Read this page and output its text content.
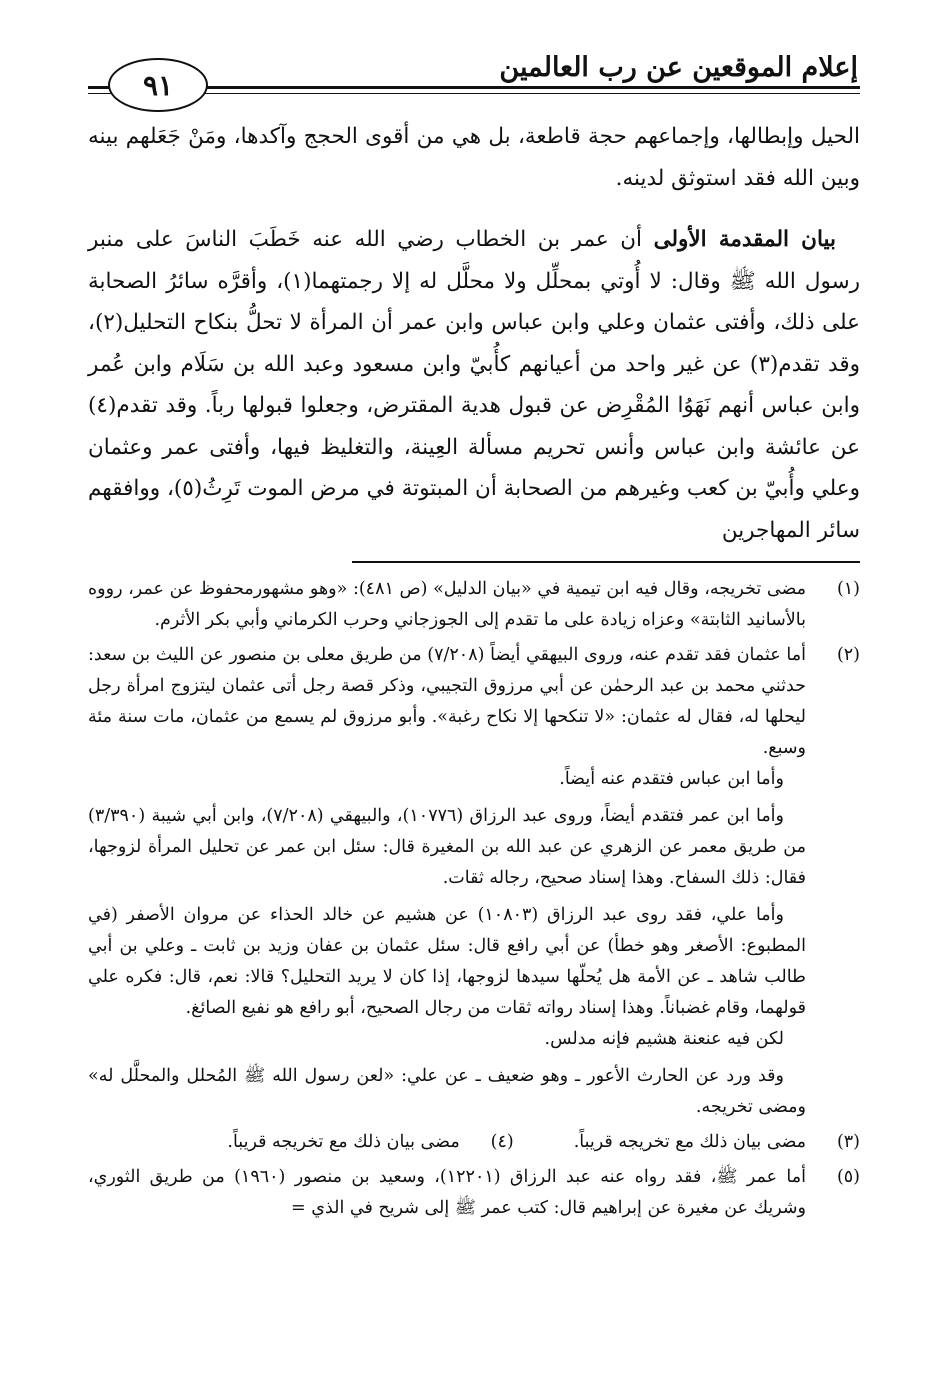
إعلام الموقعين عن رب العالمين
٩١

الحيل وإبطالها، وإجماعهم حجة قاطعة، بل هي من أقوى الحجج وآكدها، ومَنْ جَعَلهم بينه وبين الله فقد استوثق لدينه.

بيان المقدمة الأولى أن عمر بن الخطاب رضي الله عنه خَطَبَ الناسَ على منبر رسول الله ﷺ وقال: لا أُوتي بمحلِّل ولا محلَّل له إلا رجمتهما(١)، وأقرَّه سائرُ الصحابة على ذلك، وأفتى عثمان وعلي وابن عباس وابن عمر أن المرأة لا تحلُّ بنكاح التحليل(٢)، وقد تقدم(٣) عن غير واحد من أعيانهم كأُبيّ وابن مسعود وعبد الله بن سَلَام وابن عُمر وابن عباس أنهم نَهَوُا المُقْرِض عن قبول هدية المقترض، وجعلوا قبولها رباً. وقد تقدم(٤) عن عائشة وابن عباس وأنس تحريم مسألة العِينة، والتغليظ فيها، وأفتى عمر وعثمان وعلي وأُبيّ بن كعب وغيرهم من الصحابة أن المبتوتة في مرض الموت تَرِثُ(٥)، ووافقهم سائر المهاجرين

(١)

مضى تخريجه، وقال فيه ابن تيمية في «بيان الدليل» (ص ٤٨١): «وهو مشهورمحفوظ عن عمر، رووه بالأسانيد الثابتة» وعزاه زيادة على ما تقدم إلى الجوزجاني وحرب الكرماني وأبي بكر الأثرم.

(٢)

أما عثمان فقد تقدم عنه، وروى البيهقي أيضاً (٧/٢٠٨) من طريق معلى بن منصور عن الليث بن سعد: حدثني محمد بن عبد الرحمٰن عن أبي مرزوق التجيبي، وذكر قصة رجل أتى عثمان ليتزوج امرأة رجل ليحلها له، فقال له عثمان: «لا تنكحها إلا نكاح رغبة». وأبو مرزوق لم يسمع من عثمان، مات سنة مئة وسبع.

وأما ابن عباس فتقدم عنه أيضاً.

وأما ابن عمر فتقدم أيضاً، وروى عبد الرزاق (١٠٧٧٦)، والبيهقي (٧/٢٠٨)، وابن أبي شيبة (٣/٣٩٠) من طريق معمر عن الزهري عن عبد الله بن المغيرة قال: سئل ابن عمر عن تحليل المرأة لزوجها، فقال: ذلك السفاح. وهذا إسناد صحيح، رجاله ثقات.

وأما علي، فقد روى عبد الرزاق (١٠٨٠٣) عن هشيم عن خالد الحذاء عن مروان الأصفر (في المطبوع: الأصغر وهو خطأ) عن أبي رافع قال: سئل عثمان بن عفان وزيد بن ثابت ـ وعلي بن أبي طالب شاهد ـ عن الأمة هل يُحلّها سيدها لزوجها، إذا كان لا يريد التحليل؟ قالا: نعم، قال: فكره علي قولهما، وقام غضباناً. وهذا إسناد رواته ثقات من رجال الصحيح، أبو رافع هو نفيع الصائغ.

لكن فيه عنعنة هشيم فإنه مدلس.

وقد ورد عن الحارث الأعور ـ وهو ضعيف ـ عن علي: «لعن رسول الله ﷺ المُحلل والمحلَّل له» ومضى تخريجه.

(٣)
مضى بيان ذلك مع تخريجه قريباً.
(٤)
مضى بيان ذلك مع تخريجه قريباً.
(٥)

أما عمر ﷺ، فقد رواه عنه عبد الرزاق (١٢٢٠١)، وسعيد بن منصور (١٩٦٠) من طريق الثوري، وشريك عن مغيرة عن إبراهيم قال: كتب عمر ﷺ إلى شريح في الذي =
